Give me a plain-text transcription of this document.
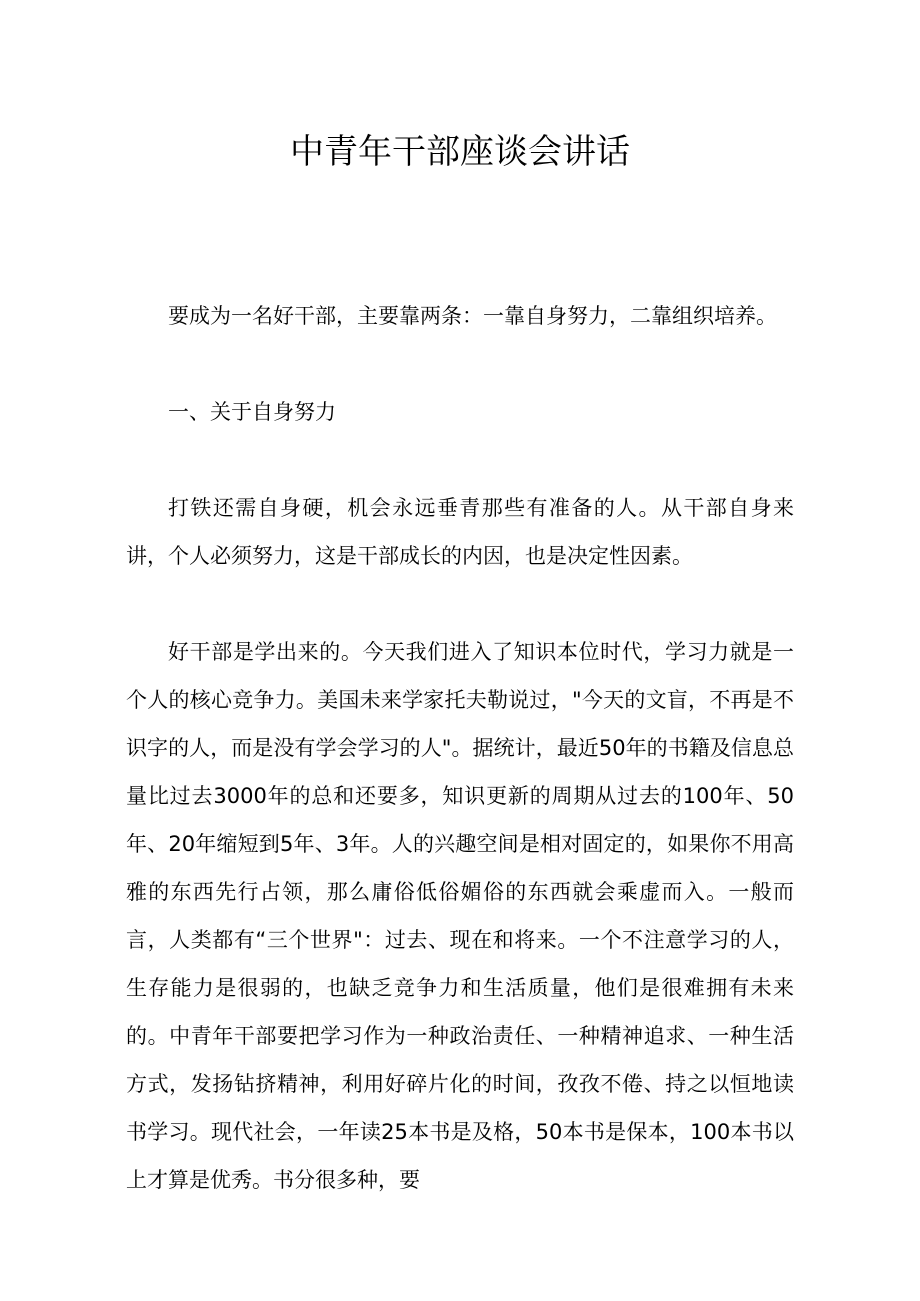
中青年干部座谈会讲话

要成为一名好干部，主要靠两条：一靠自身努力，二靠组织培养。

一、关于自身努力

打铁还需自身硬，机会永远垂青那些有准备的人。从干部自身来讲，个人必须努力，这是干部成长的内因，也是决定性因素。

好干部是学出来的。今天我们进入了知识本位时代，学习力就是一个人的核心竞争力。美国未来学家托夫勒说过，"今天的文盲，不再是不识字的人，而是没有学会学习的人"。据统计，最近50年的书籍及信息总量比过去3000年的总和还要多，知识更新的周期从过去的100年、50年、20年缩短到5年、3年。人的兴趣空间是相对固定的，如果你不用高雅的东西先行占领，那么庸俗低俗媚俗的东西就会乘虚而入。一般而言，人类都有“三个世界"：过去、现在和将来。一个不注意学习的人，生存能力是很弱的，也缺乏竞争力和生活质量，他们是很难拥有未来的。中青年干部要把学习作为一种政治责任、一种精神追求、一种生活方式，发扬钻挤精神，利用好碎片化的时间，孜孜不倦、持之以恒地读书学习。现代社会，一年读25本书是及格，50本书是保本，100本书以上才算是优秀。书分很多种，要
